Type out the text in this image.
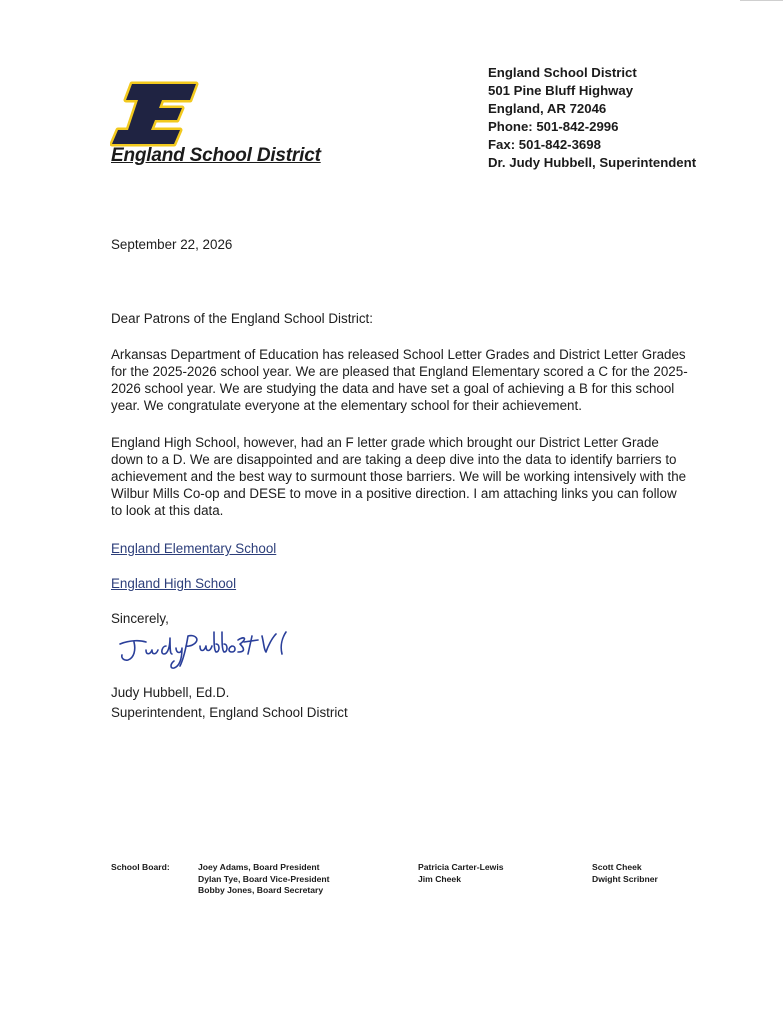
England School District
England School District
501 Pine Bluff Highway
England, AR 72046
Phone: 501-842-2996
Fax: 501-842-3698
Dr. Judy Hubbell, Superintendent
September 22, 2026
Dear Patrons of the England School District:
Arkansas Department of Education has released School Letter Grades and District Letter Grades for the 2025-2026 school year. We are pleased that England Elementary scored a C for the 2025-2026 school year. We are studying the data and have set a goal of achieving a B for this school year. We congratulate everyone at the elementary school for their achievement.
England High School, however, had an F letter grade which brought our District Letter Grade down to a D. We are disappointed and are taking a deep dive into the data to identify barriers to achievement and the best way to surmount those barriers. We will be working intensively with the Wilbur Mills Co-op and DESE to move in a positive direction. I am attaching links you can follow to look at this data.
England Elementary School
England High School
Sincerely,
Judy Hubbell, Ed.D.
Superintendent, England School District
School Board:	Joey Adams, Board President
Dylan Tye, Board Vice-President
Bobby Jones, Board Secretary
Patricia Carter-Lewis
Jim Cheek
Scott Cheek
Dwight Scribner
